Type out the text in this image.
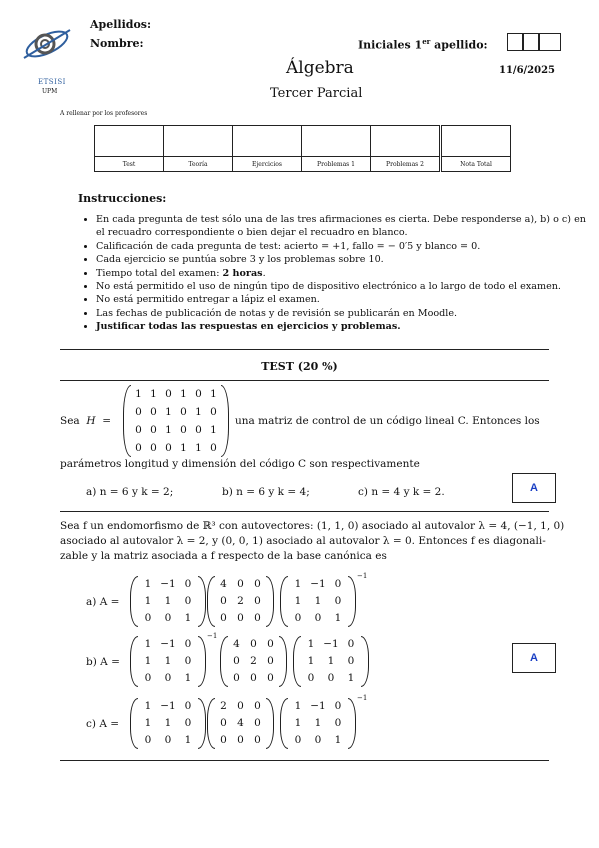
ETSISI
UPM
Apellidos:
Nombre:	Iniciales 1er apellido:
Álgebra	11/6/2025
Tercer Parcial
A rellenar por los profesores

Test	Teoría	Ejercicios	Problemas 1	Problemas 2	Nota Total
Instrucciones:
• En cada pregunta de test sólo una de las tres afirmaciones es cierta. Debe responderse a), b) o c) en el recuadro correspondiente o bien dejar el recuadro en blanco.
• Calificación de cada pregunta de test: acierto = +1, fallo = − 0′5 y blanco = 0.
• Cada ejercicio se puntúa sobre 3 y los problemas sobre 10.
• Tiempo total del examen: 2 horas.
• No está permitido el uso de ningún tipo de dispositivo electrónico a lo largo de todo el examen.
• No está permitido entregar a lápiz el examen.
• Las fechas de publicación de notas y de revisión se publicarán en Moodle.
• Justificar todas las respuestas en ejercicios y problemas.
TEST (20 %)
Sea H =
1 1 0 1 0 1
0 0 1 0 1 0
0 0 1 0 0 1
0 0 0 1 1 0
una matriz de control de un código lineal C. Entonces los
parámetros longitud y dimensión del código C son respectivamente
a) n = 6 y k = 2;	b) n = 6 y k = 4;	c) n = 4 y k = 2.	A
Sea f un endomorfismo de ℝ³ con autovectores: (1, 1, 0) asociado al autovalor λ = 4, (−1, 1, 0)
asociado al autovalor λ = 2, y (0, 0, 1) asociado al autovalor λ = 0. Entonces f es diagonali-
zable y la matriz asociada a f respecto de la base canónica es
a) A =
1 −1 0
1	1	0
0	0	1
4 0 0
0 2 0
0 0 0
1 −1 0
1	1	0
0	0	1
−1
b) A =
1 −1 0
1	1	0
0	0	1
−1
4 0 0
0 2 0
0 0 0
1 −1 0
1	1	0
0	0	1
A
c) A =
1 −1 0
1	1	0
0	0	1
2 0 0
0 4 0
0 0 0
1 −1 0
1	1	0
0	0	1
−1
